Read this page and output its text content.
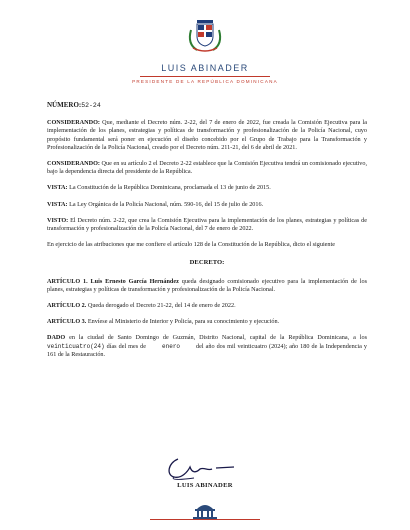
LUIS ABINADER
PRESIDENTE DE LA REPÚBLICA DOMINICANA

NÚMERO:52-24

CONSIDERANDO: Que, mediante el Decreto núm. 2-22, del 7 de enero de 2022, fue creada la Comisión Ejecutiva para la implementación de los planes, estrategias y políticas de transformación y profesionalización de la Policía Nacional, cuyo propósito fundamental será poner en ejecución el diseño concebido por el Grupo de Trabajo para la Transformación y Profesionalización de la Policía Nacional, creado por el Decreto núm. 211-21, del 6 de abril de 2021.

CONSIDERANDO: Que en su artículo 2 el Decreto 2-22 establece que la Comisión Ejecutiva tendrá un comisionado ejecutivo, bajo la dependencia directa del presidente de la República.

VISTA: La Constitución de la República Dominicana, proclamada el 13 de junio de 2015.

VISTA: La Ley Orgánica de la Policía Nacional, núm. 590-16, del 15 de julio de 2016.

VISTO: El Decreto núm. 2-22, que crea la Comisión Ejecutiva para la implementación de los planes, estrategias y políticas de transformación y profesionalización de la Policía Nacional, del 7 de enero de 2022.

En ejercicio de las atribuciones que me confiere el artículo 128 de la Constitución de la República, dicto el siguiente

DECRETO:

ARTÍCULO 1. Luis Ernesto García Hernández queda designado comisionado ejecutivo para la implementación de los planes, estrategias y políticas de transformación y profesionalización de la Policía Nacional.

ARTÍCULO 2. Queda derogado el Decreto 21-22, del 14 de enero de 2022.

ARTÍCULO 3. Envíese al Ministerio de Interior y Policía, para su conocimiento y ejecución.

DADO en la ciudad de Santo Domingo de Guzmán, Distrito Nacional, capital de la República Dominicana, a los veinticuatro(24) días del mes de	enero	del año dos mil veinticuatro (2024); año 180 de la Independencia y 161 de la Restauración.

LUIS ABINADER
